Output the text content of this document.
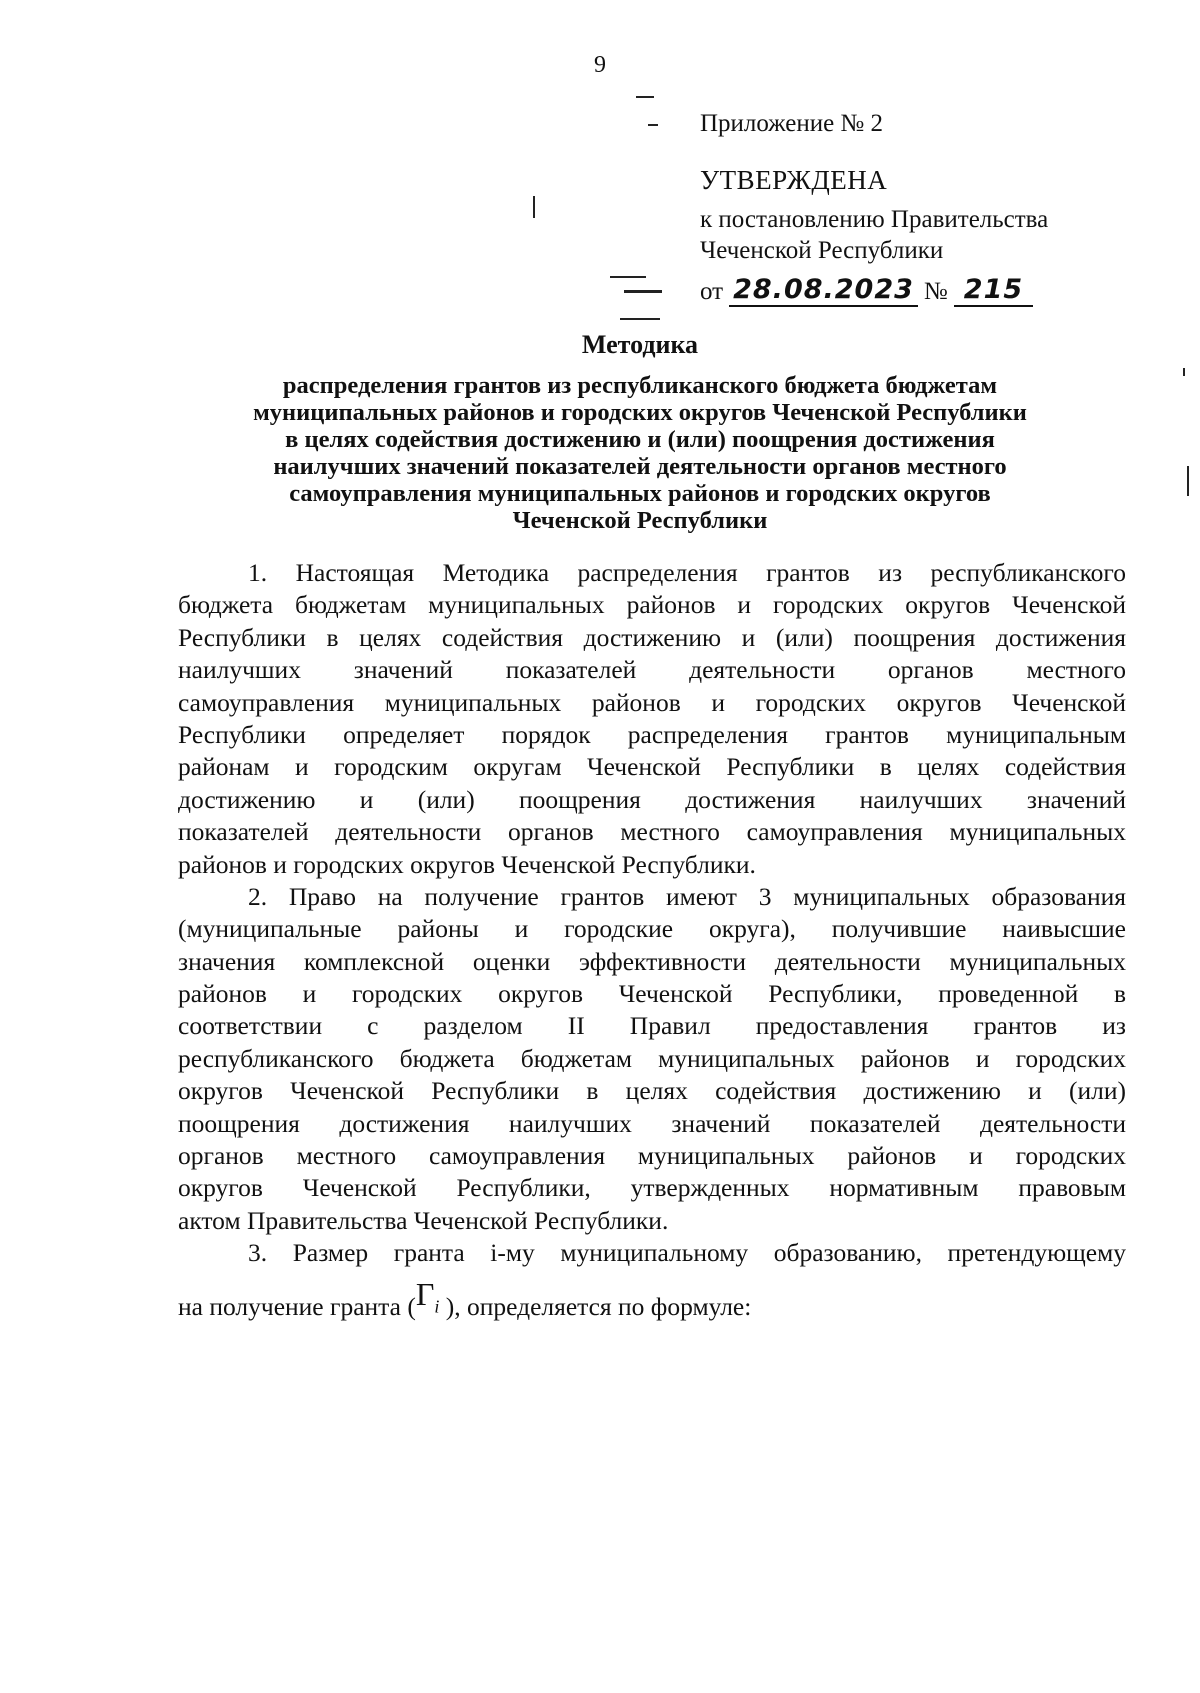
9

Приложение № 2

УТВЕРЖДЕНА

к постановлению Правительства

Чеченской Республики

от 28.08.2023 № 215

Методика

распределения грантов из республиканского бюджета бюджетам
муниципальных районов и городских округов Чеченской Республики
в целях содействия достижению и (или) поощрения достижения
наилучших значений показателей деятельности органов местного
самоуправления муниципальных районов и городских округов
Чеченской Республики

1. Настоящая Методика распределения грантов из республиканского
бюджета бюджетам муниципальных районов и городских округов Чеченской
Республики в целях содействия достижению и (или) поощрения достижения
наилучших значений показателей деятельности органов местного
самоуправления муниципальных районов и городских округов Чеченской
Республики определяет порядок распределения грантов муниципальным
районам и городским округам Чеченской Республики в целях содействия
достижению и (или) поощрения достижения наилучших значений
показателей деятельности органов местного самоуправления муниципальных
районов и городских округов Чеченской Республики.
2. Право на получение грантов имеют 3 муниципальных образования
(муниципальные районы и городские округа), получившие наивысшие
значения комплексной оценки эффективности деятельности муниципальных
районов и городских округов Чеченской Республики, проведенной в
соответствии с разделом II Правил предоставления грантов из
республиканского бюджета бюджетам муниципальных районов и городских
округов Чеченской Республики в целях содействия достижению и (или)
поощрения достижения наилучших значений показателей деятельности
органов местного самоуправления муниципальных районов и городских
округов Чеченской Республики, утвержденных нормативным правовым
актом Правительства Чеченской Республики.
3. Размер гранта i-му муниципальному образованию, претендующему
на получение гранта ($Г_i$ ), определяется по формуле:
